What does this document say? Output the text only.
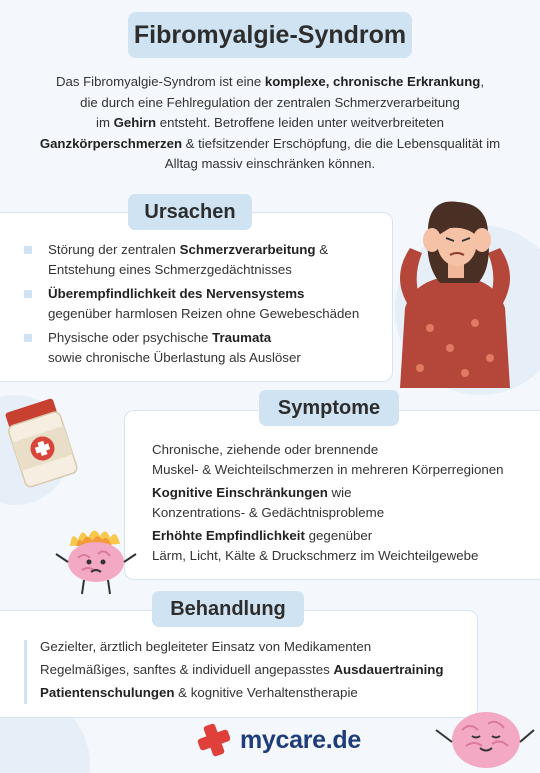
Fibromyalgie-Syndrom
Das Fibromyalgie-Syndrom ist eine komplexe, chronische Erkrankung,
die durch eine Fehlregulation der zentralen Schmerzverarbeitung
im Gehirn entsteht. Betroffene leiden unter weitverbreiteten
Ganzkörperschmerzen & tiefsitzender Erschöpfung, die die Lebensqualität im
Alltag massiv einschränken können.
Ursachen
Störung der zentralen Schmerzverarbeitung &
Entstehung eines Schmerzgedächtnisses
Überempfindlichkeit des Nervensystems
gegenüber harmlosen Reizen ohne Gewebeschäden
Physische oder psychische Traumata
sowie chronische Überlastung als Auslöser
Symptome
Chronische, ziehende oder brennende
Muskel- & Weichteilschmerzen in mehreren Körperregionen
Kognitive Einschränkungen wie
Konzentrations- & Gedächtnisprobleme
Erhöhte Empfindlichkeit gegenüber
Lärm, Licht, Kälte & Druckschmerz im Weichteilgewebe
Behandlung
Gezielter, ärztlich begleiteter Einsatz von Medikamenten
Regelmäßiges, sanftes & individuell angepasstes Ausdauertraining
Patientenschulungen & kognitive Verhaltenstherapie
mycare.de
